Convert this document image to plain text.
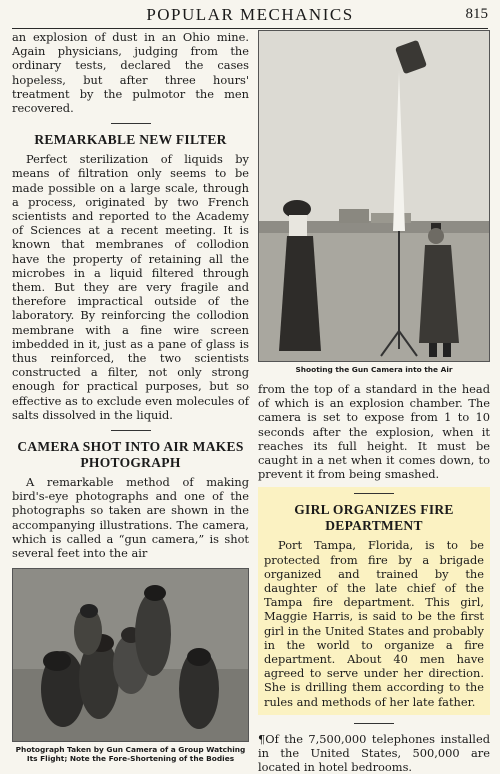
POPULAR MECHANICS	815

an explosion of dust in an Ohio mine. Again physicians, judging from the ordinary tests, declared the cases hopeless, but after three hours' treatment by the pulmotor the men recovered.

REMARKABLE NEW FILTER

Perfect sterilization of liquids by means of filtration only seems to be made possible on a large scale, through a process, originated by two French scientists and reported to the Academy of Sciences at a recent meeting. It is known that membranes of collodion have the property of retaining all the microbes in a liquid filtered through them. But they are very fragile and therefore impractical outside of the laboratory. By reinforcing the collodion membrane with a fine wire screen imbedded in it, just as a pane of glass is thus reinforced, the two scientists constructed a filter, not only strong enough for practical purposes, but so effective as to exclude even molecules of salts dissolved in the liquid.

CAMERA SHOT INTO AIR MAKES PHOTOGRAPH

A remarkable method of making bird's-eye photographs and one of the photographs so taken are shown in the accompanying illustrations. The camera, which is called a “gun camera,” is shot several feet into the air

Photograph Taken by Gun Camera of a Group Watching Its Flight; Note the Fore-Shortening of the Bodies
Shooting the Gun Camera into the Air

from the top of a standard in the head of which is an explosion chamber. The camera is set to expose from 1 to 10 seconds after the explosion, when it reaches its full height. It must be caught in a net when it comes down, to prevent it from being smashed.

GIRL ORGANIZES FIRE DEPARTMENT

Port Tampa, Florida, is to be protected from fire by a brigade organized and trained by the daughter of the late chief of the Tampa fire department. This girl, Maggie Harris, is said to be the first girl in the United States and probably in the world to organize a fire department. About 40 men have agreed to serve under her direction. She is drilling them according to the rules and methods of her late father.

¶Of the 7,500,000 telephones installed in the United States, 500,000 are located in hotel bedrooms.
